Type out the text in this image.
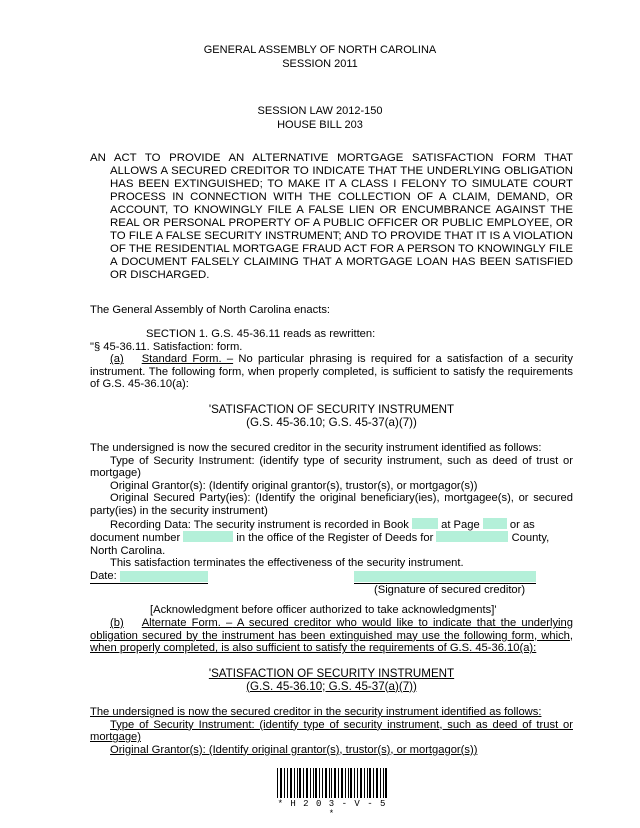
GENERAL ASSEMBLY OF NORTH CAROLINA
SESSION 2011
SESSION LAW 2012-150
HOUSE BILL 203
AN ACT TO PROVIDE AN ALTERNATIVE MORTGAGE SATISFACTION FORM THAT ALLOWS A SECURED CREDITOR TO INDICATE THAT THE UNDERLYING OBLIGATION HAS BEEN EXTINGUISHED; TO MAKE IT A CLASS I FELONY TO SIMULATE COURT PROCESS IN CONNECTION WITH THE COLLECTION OF A CLAIM, DEMAND, OR ACCOUNT, TO KNOWINGLY FILE A FALSE LIEN OR ENCUMBRANCE AGAINST THE REAL OR PERSONAL PROPERTY OF A PUBLIC OFFICER OR PUBLIC EMPLOYEE, OR TO FILE A FALSE SECURITY INSTRUMENT; AND TO PROVIDE THAT IT IS A VIOLATION OF THE RESIDENTIAL MORTGAGE FRAUD ACT FOR A PERSON TO KNOWINGLY FILE A DOCUMENT FALSELY CLAIMING THAT A MORTGAGE LOAN HAS BEEN SATISFIED OR DISCHARGED.
The General Assembly of North Carolina enacts:
SECTION 1. G.S. 45-36.11 reads as rewritten:
"§ 45-36.11. Satisfaction: form.
(a) Standard Form. – No particular phrasing is required for a satisfaction of a security instrument. The following form, when properly completed, is sufficient to satisfy the requirements of G.S. 45-36.10(a):
'SATISFACTION OF SECURITY INSTRUMENT
(G.S. 45-36.10; G.S. 45-37(a)(7))
The undersigned is now the secured creditor in the security instrument identified as follows:
Type of Security Instrument: (identify type of security instrument, such as deed of trust or mortgage)
Original Grantor(s): (Identify original grantor(s), trustor(s), or mortgagor(s))
Original Secured Party(ies): (Identify the original beneficiary(ies), mortgagee(s), or secured party(ies) in the security instrument)
Recording Data: The security instrument is recorded in Book	at Page	or as
document number	in the office of the Register of Deeds for	County,
North Carolina.
This satisfaction terminates the effectiveness of the security instrument.
Date:
(Signature of secured creditor)
[Acknowledgment before officer authorized to take acknowledgments]'
(b) Alternate Form. – A secured creditor who would like to indicate that the underlying obligation secured by the instrument has been extinguished may use the following form, which, when properly completed, is also sufficient to satisfy the requirements of G.S. 45-36.10(a):
'SATISFACTION OF SECURITY INSTRUMENT
(G.S. 45-36.10; G.S. 45-37(a)(7))
The undersigned is now the secured creditor in the security instrument identified as follows:
Type of Security Instrument: (identify type of security instrument, such as deed of trust or mortgage)
Original Grantor(s): (Identify original grantor(s), trustor(s), or mortgagor(s))
* H 2 0 3 - V - 5 *
